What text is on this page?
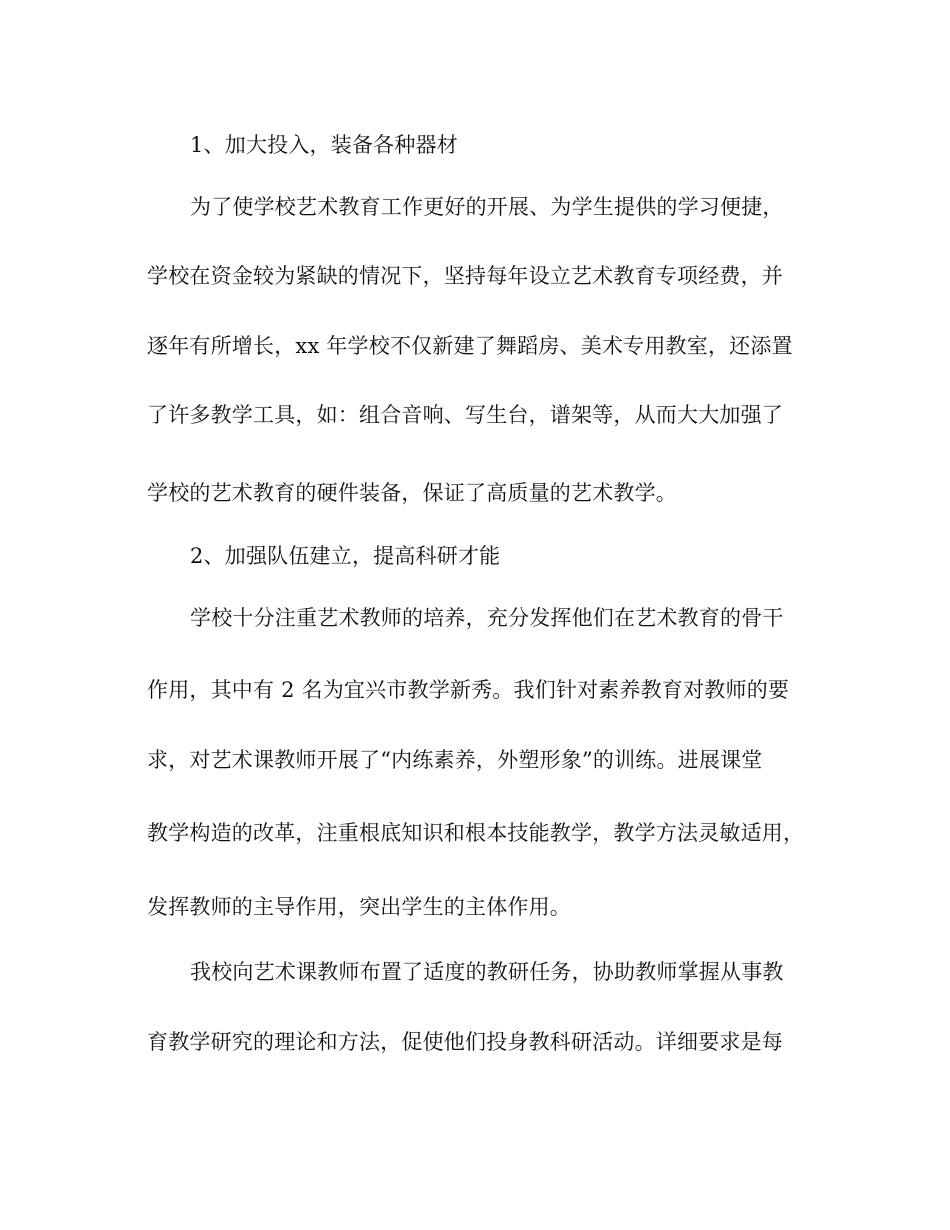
1、加大投入，装备各种器材
为了使学校艺术教育工作更好的开展、为学生提供的学习便捷，
学校在资金较为紧缺的情况下，坚持每年设立艺术教育专项经费，并
逐年有所增长，xx 年学校不仅新建了舞蹈房、美术专用教室，还添置
了许多教学工具，如：组合音响、写生台，谱架等，从而大大加强了
学校的艺术教育的硬件装备，保证了高质量的艺术教学。
2、加强队伍建立，提高科研才能
学校十分注重艺术教师的培养，充分发挥他们在艺术教育的骨干
作用，其中有 2 名为宜兴市教学新秀。我们针对素养教育对教师的要
求，对艺术课教师开展了“内练素养，外塑形象”的训练。进展课堂
教学构造的改革，注重根底知识和根本技能教学，教学方法灵敏适用，
发挥教师的主导作用，突出学生的主体作用。
我校向艺术课教师布置了适度的教研任务，协助教师掌握从事教
育教学研究的理论和方法，促使他们投身教科研活动。详细要求是每
